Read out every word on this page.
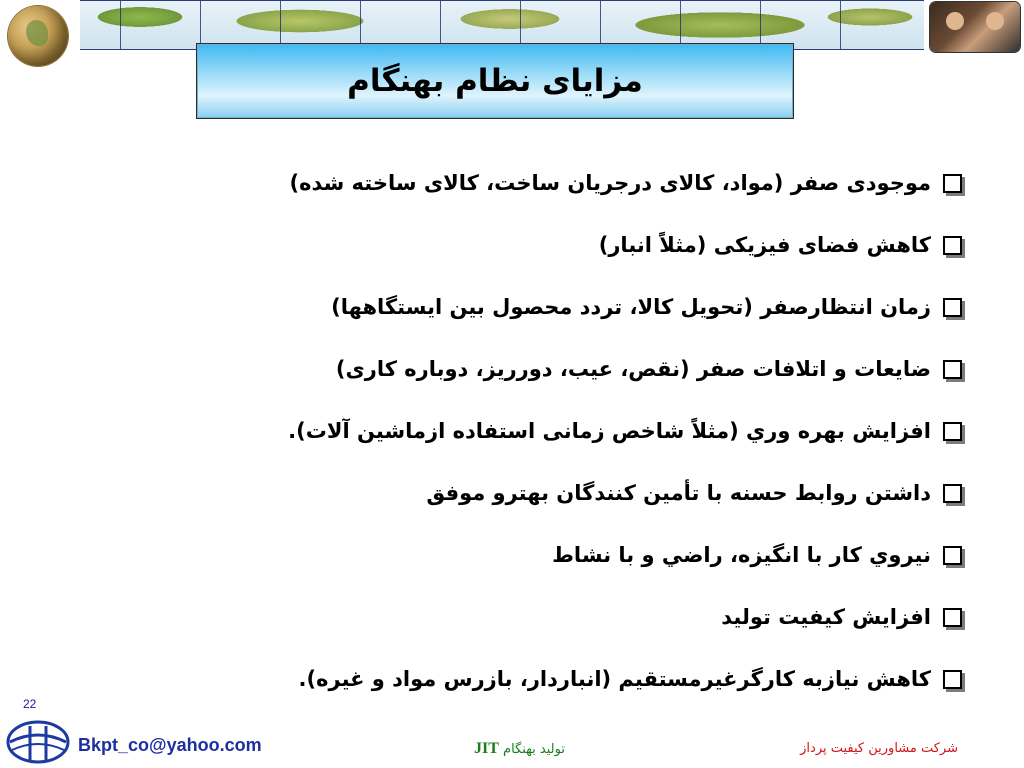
مزایای نظام بهنگام
موجودی صفر (مواد، کالای درجریان ساخت، کالای ساخته شده)
کاهش فضای فیزیکی (مثلاً انبار)
زمان انتظارصفر (تحویل کالا، تردد محصول بین ایستگاهها)
ضایعات و اتلافات صفر (نقص، عیب، دورریز، دوباره کاری)
افزایش بهره وري (مثلاً شاخص زمانی استفاده ازماشین آلات).
داشتن روابط حسنه با تأمین کنندگان بهترو موفق
نيروي كار با انگيزه، راضي و با نشاط
افزایش کیفیت تولید
کاهش نیازبه کارگرغیرمستقیم (انباردار، بازرس مواد و غیره).
22
Bkpt_co@yahoo.com	تولید بهنگام JIT	شرکت مشاورین کیفیت پرداز
